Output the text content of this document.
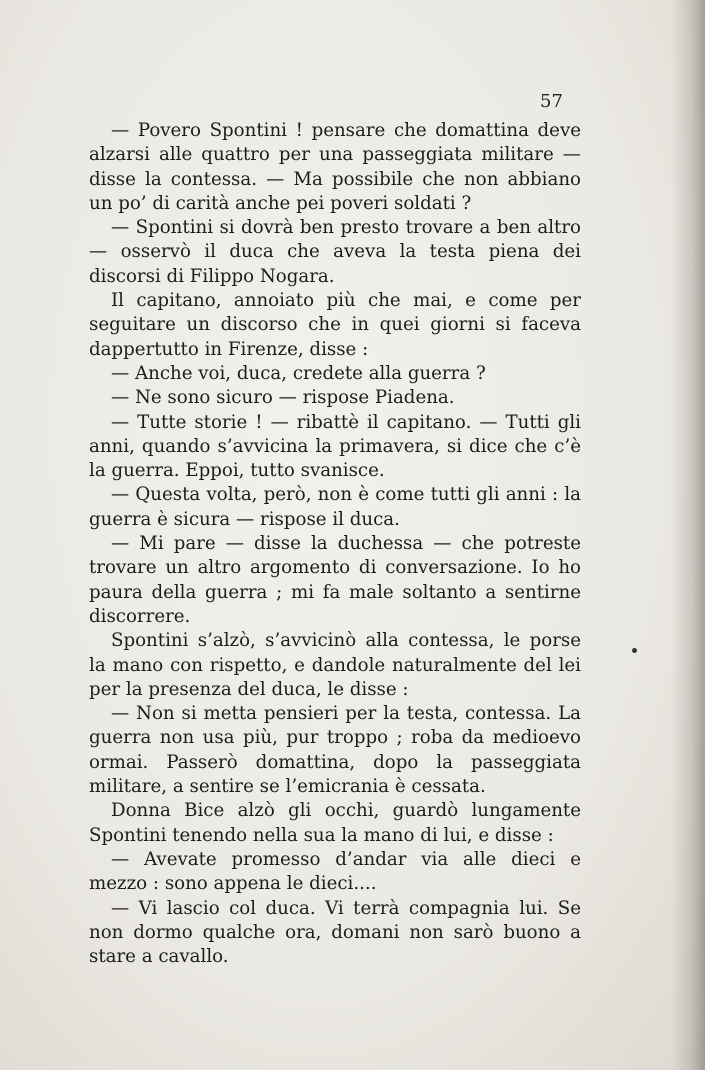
57

— Povero Spontini ! pensare che domattina deve alzarsi alle quattro per una passeggiata militare — disse la contessa. — Ma possibile che non abbiano un po’ di carità anche pei poveri soldati ?

— Spontini si dovrà ben presto trovare a ben altro — osservò il duca che aveva la testa piena dei discorsi di Filippo Nogara.

Il capitano, annoiato più che mai, e come per seguitare un discorso che in quei giorni si faceva dappertutto in Firenze, disse :

— Anche voi, duca, credete alla guerra ?

— Ne sono sicuro — rispose Piadena.

— Tutte storie ! — ribattè il capitano. — Tutti gli anni, quando s’avvicina la primavera, si dice che c’è la guerra. Eppoi, tutto svanisce.

— Questa volta, però, non è come tutti gli anni : la guerra è sicura — rispose il duca.

— Mi pare — disse la duchessa — che potreste trovare un altro argomento di conversazione. Io ho paura della guerra ; mi fa male soltanto a sentirne discorrere.

Spontini s’alzò, s’avvicinò alla contessa, le porse la mano con rispetto, e dandole naturalmente del lei per la presenza del duca, le disse :

— Non si metta pensieri per la testa, contessa. La guerra non usa più, pur troppo ; roba da medioevo ormai. Passerò domattina, dopo la passeggiata militare, a sentire se l’emicrania è cessata.

Donna Bice alzò gli occhi, guardò lungamente Spontini tenendo nella sua la mano di lui, e disse :

— Avevate promesso d’andar via alle dieci e mezzo : sono appena le dieci....

— Vi lascio col duca. Vi terrà compagnia lui. Se non dormo qualche ora, domani non sarò buono a stare a cavallo.
